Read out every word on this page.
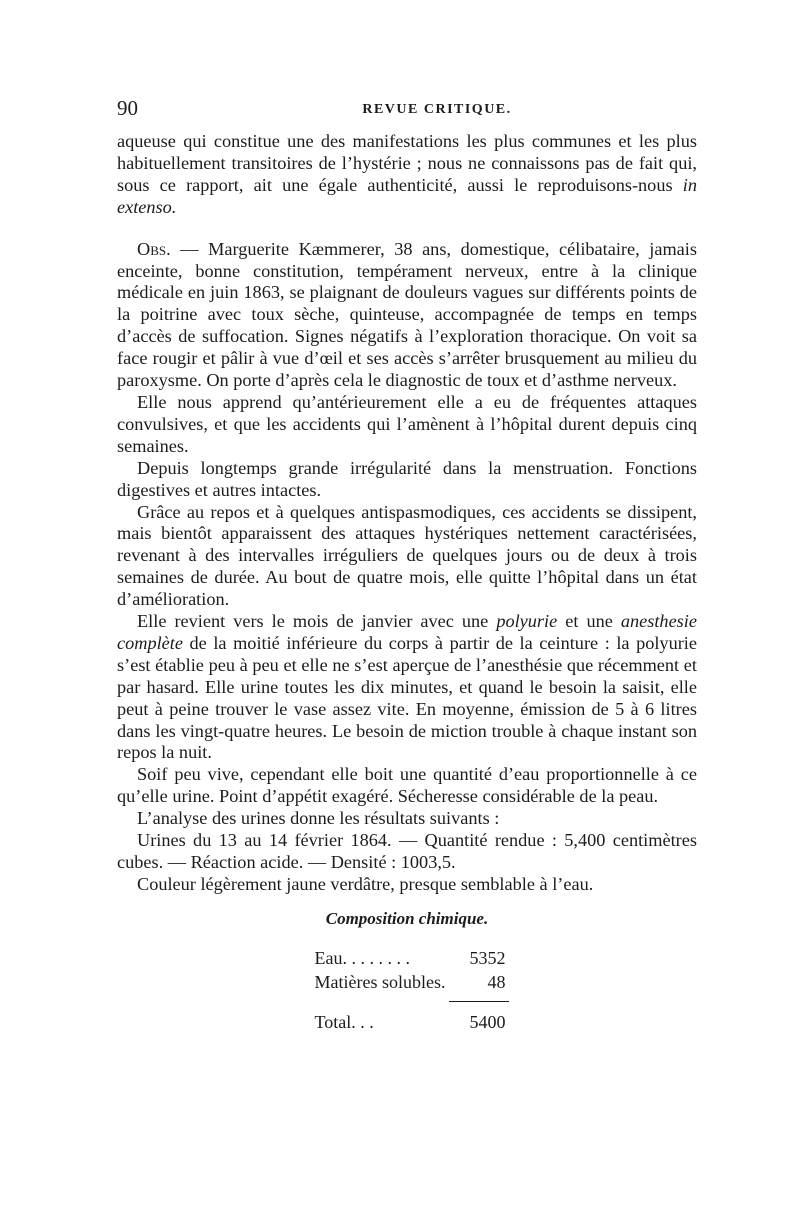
90	REVUE CRITIQUE.

aqueuse qui constitue une des manifestations les plus communes et les plus habituellement transitoires de l’hystérie ; nous ne connaissons pas de fait qui, sous ce rapport, ait une égale authenticité, aussi le reproduisons-nous in extenso.

Obs. — Marguerite Kæmmerer, 38 ans, domestique, célibataire, jamais enceinte, bonne constitution, tempérament nerveux, entre à la clinique médicale en juin 1863, se plaignant de douleurs vagues sur différents points de la poitrine avec toux sèche, quinteuse, accompagnée de temps en temps d’accès de suffocation. Signes négatifs à l’exploration thoracique. On voit sa face rougir et pâlir à vue d’œil et ses accès s’arrêter brusquement au milieu du paroxysme. On porte d’après cela le diagnostic de toux et d’asthme nerveux.

Elle nous apprend qu’antérieurement elle a eu de fréquentes attaques convulsives, et que les accidents qui l’amènent à l’hôpital durent depuis cinq semaines.

Depuis longtemps grande irrégularité dans la menstruation. Fonctions digestives et autres intactes.

Grâce au repos et à quelques antispasmodiques, ces accidents se dissipent, mais bientôt apparaissent des attaques hystériques nettement caractérisées, revenant à des intervalles irréguliers de quelques jours ou de deux à trois semaines de durée. Au bout de quatre mois, elle quitte l’hôpital dans un état d’amélioration.

Elle revient vers le mois de janvier avec une polyurie et une anesthesie complète de la moitié inférieure du corps à partir de la ceinture : la polyurie s’est établie peu à peu et elle ne s’est aperçue de l’anesthésie que récemment et par hasard. Elle urine toutes les dix minutes, et quand le besoin la saisit, elle peut à peine trouver le vase assez vite. En moyenne, émission de 5 à 6 litres dans les vingt-quatre heures. Le besoin de miction trouble à chaque instant son repos la nuit.

Soif peu vive, cependant elle boit une quantité d’eau proportionnelle à ce qu’elle urine. Point d’appétit exagéré. Sécheresse considérable de la peau.

L’analyse des urines donne les résultats suivants :

Urines du 13 au 14 février 1864. — Quantité rendue : 5,400 centimètres cubes. — Réaction acide. — Densité : 1003,5.

Couleur légèrement jaune verdâtre, presque semblable à l’eau.

Composition chimique.
Eau. . . . . . . .	5352
Matières solubles.	48
Total. . .	5400
